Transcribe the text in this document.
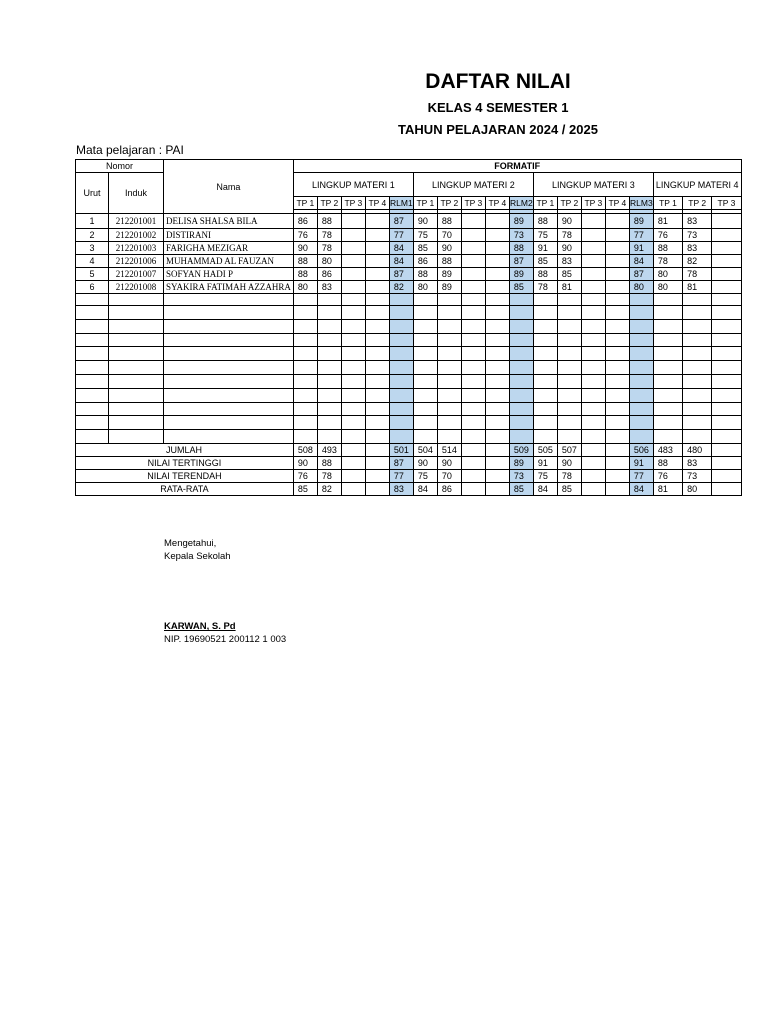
DAFTAR NILAI
KELAS 4 SEMESTER 1
TAHUN PELAJARAN 2024 / 2025
Mata pelajaran : PAI
Nomor		Nama	FORMATIF																	
Urut	Induk		LINGKUP MATERI 1					LINGKUP MATERI 2					LINGKUP MATERI 3					LINGKUP MATERI 4		
			TP 1	TP 2	TP 3	TP 4	RLM1	TP 1	TP 2	TP 3	TP 4	RLM2	TP 1	TP 2	TP 3	TP 4	RLM3	TP 1	TP 2	TP 3

1	212201001	DELISA SHALSA BILA	86	88			87	90	88			89	88	90			89	81	83	
2	212201002	DISTIRANI	76	78			77	75	70			73	75	78			77	76	73	
3	212201003	FARIGHA MEZIGAR	90	78			84	85	90			88	91	90			91	88	83	
4	212201006	MUHAMMAD AL FAUZAN	88	80			84	86	88			87	85	83			84	78	82	
5	212201007	SOFYAN HADI P	88	86			87	88	89			89	88	85			87	80	78	
6	212201008	SYAKIRA FATIMAH AZZAHRA	80	83			82	80	89			85	78	81			80	80	81	

JUMLAH			508	493			501	504	514			509	505	507			506	483	480	
NILAI TERTINGGI			90	88			87	90	90			89	91	90			91	88	83	
NILAI TERENDAH			76	78			77	75	70			73	75	78			77	76	73	
RATA-RATA			85	82			83	84	86			85	84	85			84	81	80	
Mengetahui,
Kepala Sekolah
KARWAN, S. Pd
NIP. 19690521 200112 1 003
